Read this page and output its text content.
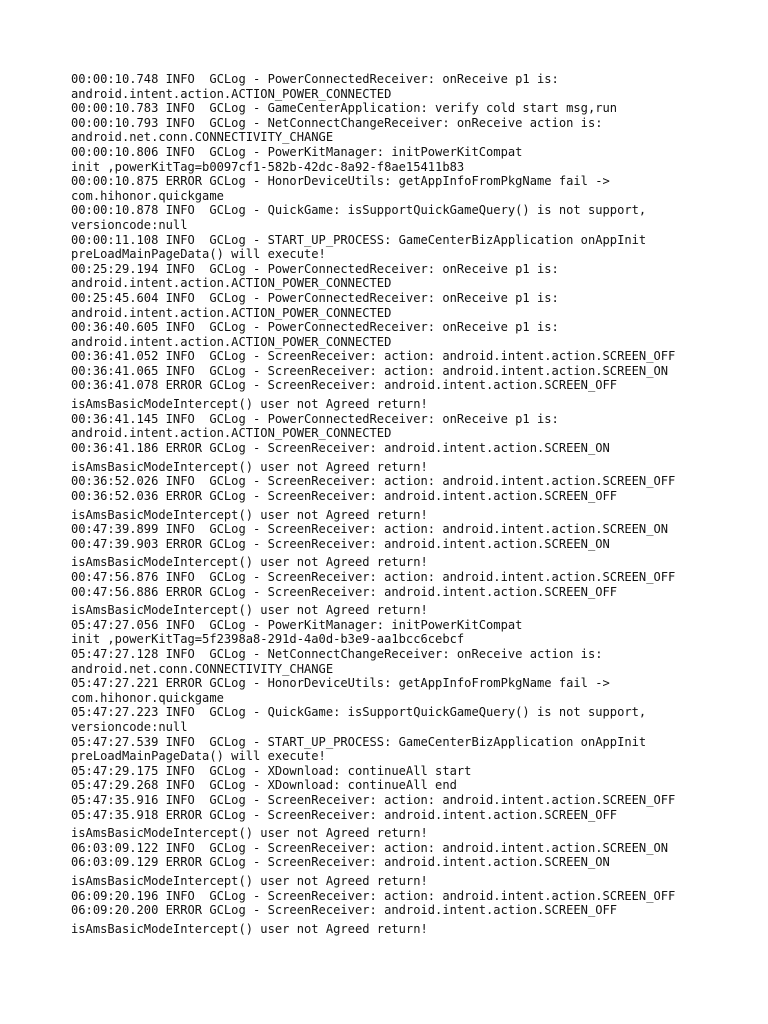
00:00:10.748 INFO  GCLog - PowerConnectedReceiver: onReceive p1 is:
android.intent.action.ACTION_POWER_CONNECTED
00:00:10.783 INFO  GCLog - GameCenterApplication: verify cold start msg,run
00:00:10.793 INFO  GCLog - NetConnectChangeReceiver: onReceive action is:
android.net.conn.CONNECTIVITY_CHANGE
00:00:10.806 INFO  GCLog - PowerKitManager: initPowerKitCompat
init ,powerKitTag=b0097cf1-582b-42dc-8a92-f8ae15411b83
00:00:10.875 ERROR GCLog - HonorDeviceUtils: getAppInfoFromPkgName fail ->
com.hihonor.quickgame
00:00:10.878 INFO  GCLog - QuickGame: isSupportQuickGameQuery() is not support,
versioncode:null
00:00:11.108 INFO  GCLog - START_UP_PROCESS: GameCenterBizApplication onAppInit
preLoadMainPageData() will execute!
00:25:29.194 INFO  GCLog - PowerConnectedReceiver: onReceive p1 is:
android.intent.action.ACTION_POWER_CONNECTED
00:25:45.604 INFO  GCLog - PowerConnectedReceiver: onReceive p1 is:
android.intent.action.ACTION_POWER_CONNECTED
00:36:40.605 INFO  GCLog - PowerConnectedReceiver: onReceive p1 is:
android.intent.action.ACTION_POWER_CONNECTED
00:36:41.052 INFO  GCLog - ScreenReceiver: action: android.intent.action.SCREEN_OFF
00:36:41.065 INFO  GCLog - ScreenReceiver: action: android.intent.action.SCREEN_ON
00:36:41.078 ERROR GCLog - ScreenReceiver: android.intent.action.SCREEN_OFF
isAmsBasicModeIntercept() user not Agreed return!
00:36:41.145 INFO  GCLog - PowerConnectedReceiver: onReceive p1 is:
android.intent.action.ACTION_POWER_CONNECTED
00:36:41.186 ERROR GCLog - ScreenReceiver: android.intent.action.SCREEN_ON
isAmsBasicModeIntercept() user not Agreed return!
00:36:52.026 INFO  GCLog - ScreenReceiver: action: android.intent.action.SCREEN_OFF
00:36:52.036 ERROR GCLog - ScreenReceiver: android.intent.action.SCREEN_OFF
isAmsBasicModeIntercept() user not Agreed return!
00:47:39.899 INFO  GCLog - ScreenReceiver: action: android.intent.action.SCREEN_ON
00:47:39.903 ERROR GCLog - ScreenReceiver: android.intent.action.SCREEN_ON
isAmsBasicModeIntercept() user not Agreed return!
00:47:56.876 INFO  GCLog - ScreenReceiver: action: android.intent.action.SCREEN_OFF
00:47:56.886 ERROR GCLog - ScreenReceiver: android.intent.action.SCREEN_OFF
isAmsBasicModeIntercept() user not Agreed return!
05:47:27.056 INFO  GCLog - PowerKitManager: initPowerKitCompat
init ,powerKitTag=5f2398a8-291d-4a0d-b3e9-aa1bcc6cebcf
05:47:27.128 INFO  GCLog - NetConnectChangeReceiver: onReceive action is:
android.net.conn.CONNECTIVITY_CHANGE
05:47:27.221 ERROR GCLog - HonorDeviceUtils: getAppInfoFromPkgName fail ->
com.hihonor.quickgame
05:47:27.223 INFO  GCLog - QuickGame: isSupportQuickGameQuery() is not support,
versioncode:null
05:47:27.539 INFO  GCLog - START_UP_PROCESS: GameCenterBizApplication onAppInit
preLoadMainPageData() will execute!
05:47:29.175 INFO  GCLog - XDownload: continueAll start
05:47:29.268 INFO  GCLog - XDownload: continueAll end
05:47:35.916 INFO  GCLog - ScreenReceiver: action: android.intent.action.SCREEN_OFF
05:47:35.918 ERROR GCLog - ScreenReceiver: android.intent.action.SCREEN_OFF
isAmsBasicModeIntercept() user not Agreed return!
06:03:09.122 INFO  GCLog - ScreenReceiver: action: android.intent.action.SCREEN_ON
06:03:09.129 ERROR GCLog - ScreenReceiver: android.intent.action.SCREEN_ON
isAmsBasicModeIntercept() user not Agreed return!
06:09:20.196 INFO  GCLog - ScreenReceiver: action: android.intent.action.SCREEN_OFF
06:09:20.200 ERROR GCLog - ScreenReceiver: android.intent.action.SCREEN_OFF
isAmsBasicModeIntercept() user not Agreed return!
